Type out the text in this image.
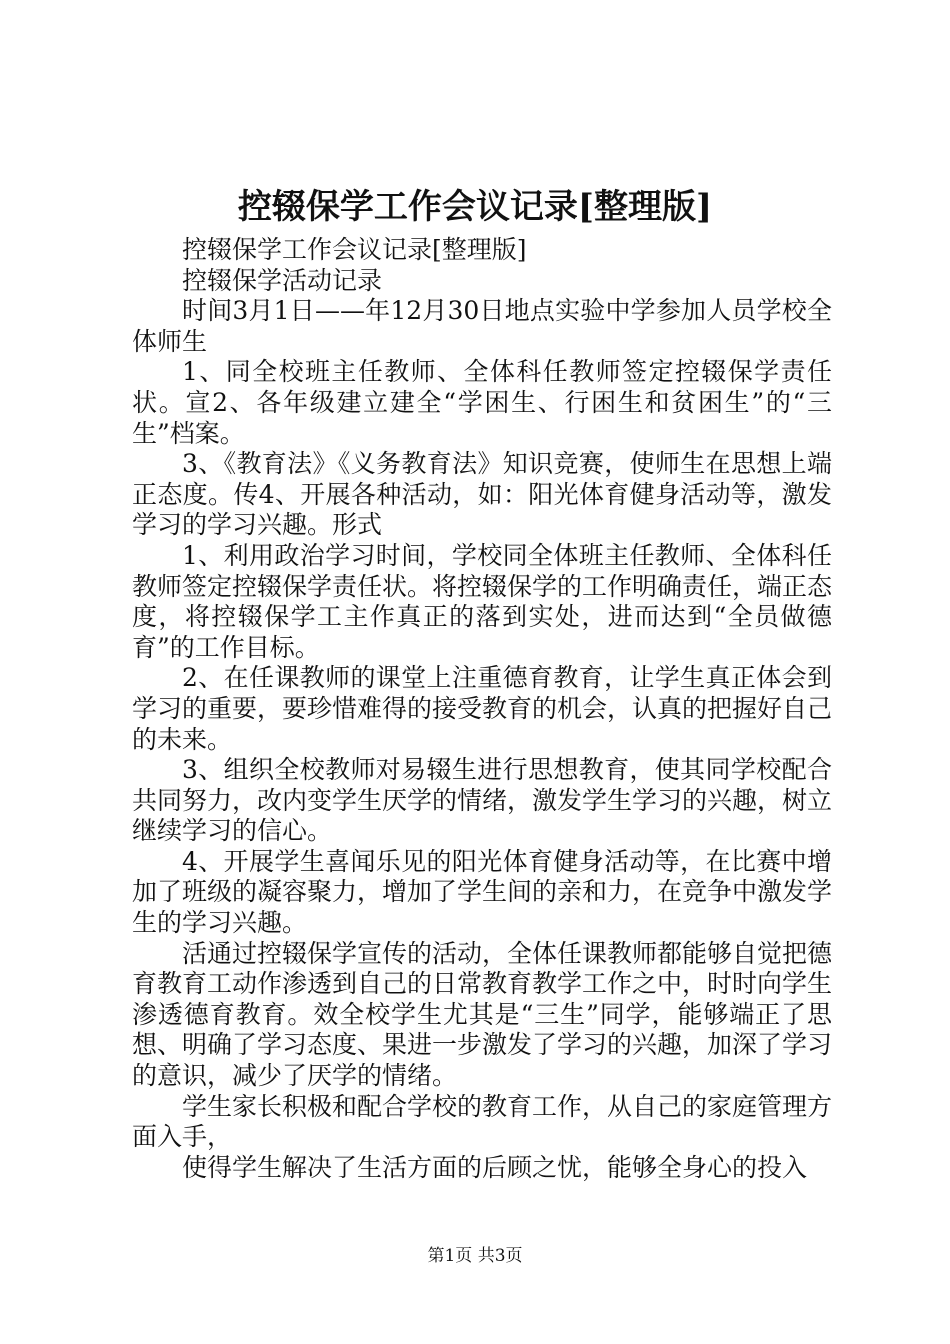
控辍保学工作会议记录[整理版]

控辍保学工作会议记录[整理版]

控辍保学活动记录

时间3月1日——年12月30日地点实验中学参加人员学校全体师生

1、同全校班主任教师、全体科任教师签定控辍保学责任状。宣2、各年级建立建全“学困生、行困生和贫困生”的“三生”档案。

3、《教育法》《义务教育法》知识竞赛，使师生在思想上端正态度。传4、开展各种活动，如：阳光体育健身活动等，激发学习的学习兴趣。形式

1、利用政治学习时间，学校同全体班主任教师、全体科任教师签定控辍保学责任状。将控辍保学的工作明确责任，端正态度，将控辍保学工主作真正的落到实处，进而达到“全员做德育”的工作目标。

2、在任课教师的课堂上注重德育教育，让学生真正体会到学习的重要，要珍惜难得的接受教育的机会，认真的把握好自己的未来。

3、组织全校教师对易辍生进行思想教育，使其同学校配合共同努力，改内变学生厌学的情绪，激发学生学习的兴趣，树立继续学习的信心。

4、开展学生喜闻乐见的阳光体育健身活动等，在比赛中增加了班级的凝容聚力，增加了学生间的亲和力，在竞争中激发学生的学习兴趣。

活通过控辍保学宣传的活动，全体任课教师都能够自觉把德育教育工动作渗透到自己的日常教育教学工作之中，时时向学生渗透德育教育。效全校学生尤其是“三生”同学，能够端正了思想、明确了学习态度、果进一步激发了学习的兴趣，加深了学习的意识，减少了厌学的情绪。

学生家长积极和配合学校的教育工作，从自己的家庭管理方面入手，

使得学生解决了生活方面的后顾之忧，能够全身心的投入

第1页 共3页
